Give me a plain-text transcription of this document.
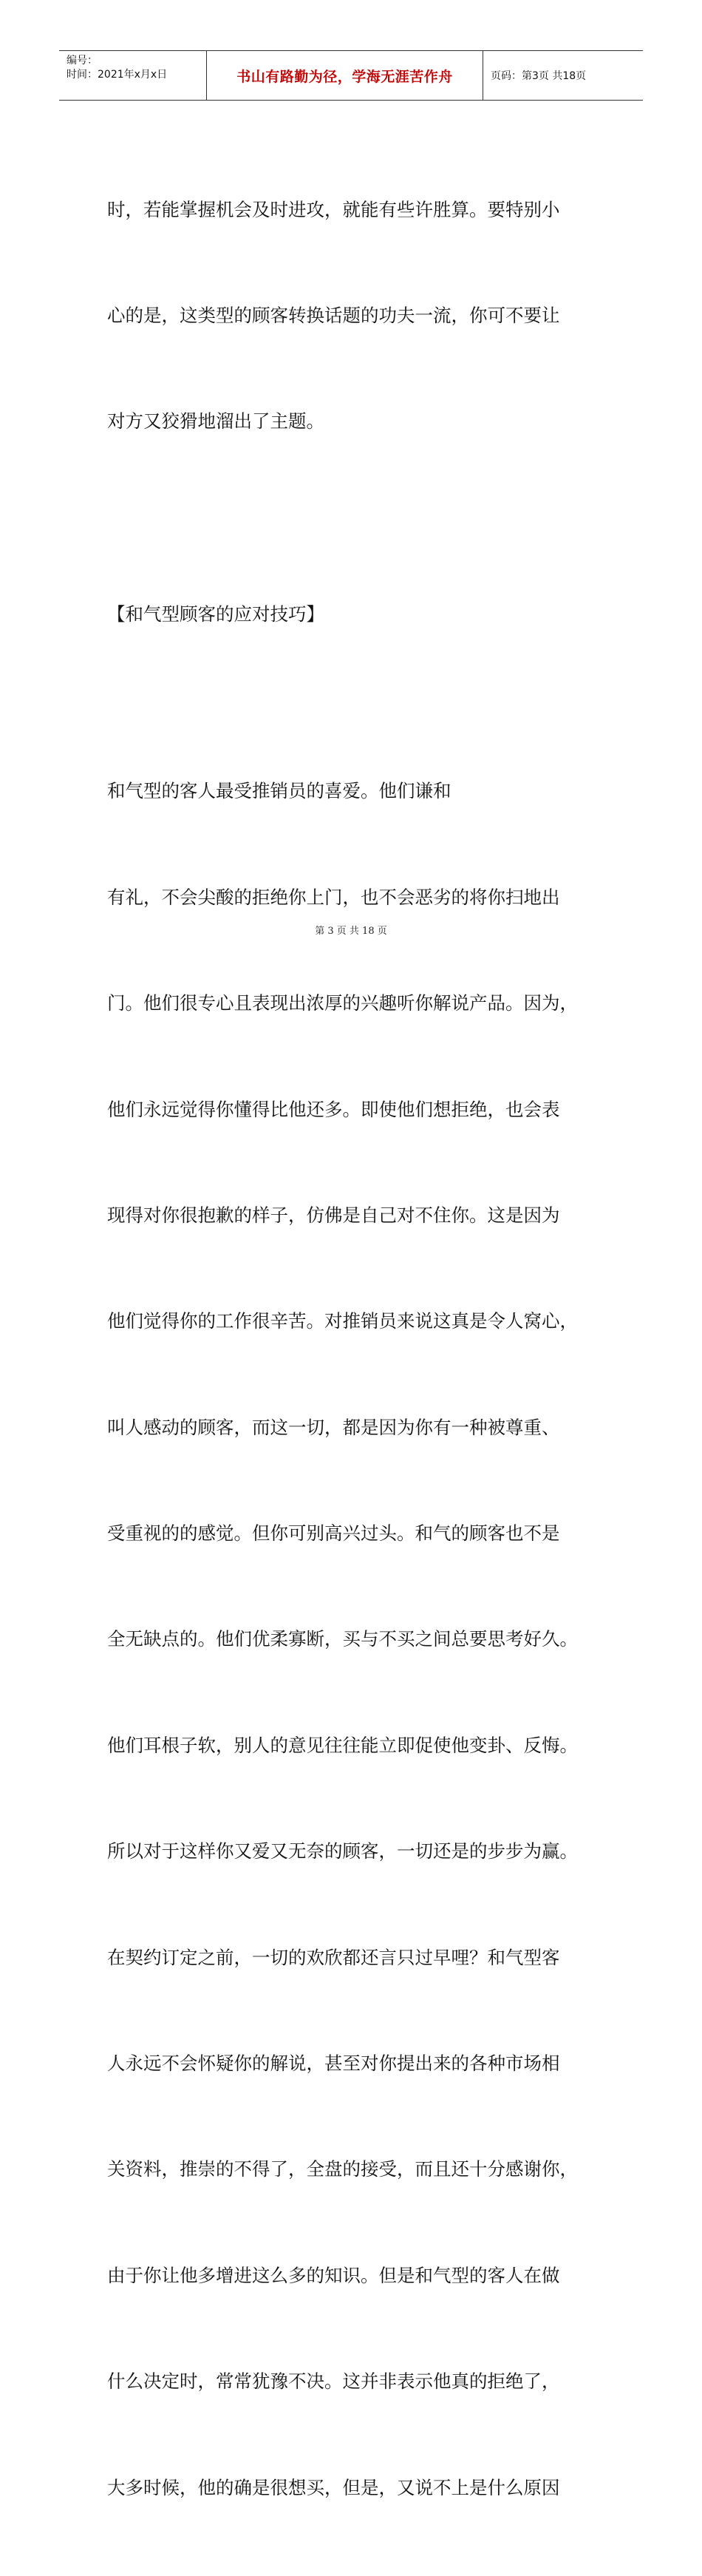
编号：
时间：2021年x月x日	书山有路勤为径，学海无涯苦作舟	页码：第3页 共18页

时，若能掌握机会及时进攻，就能有些许胜算。要特别小

心的是，这类型的顾客转换话题的功夫一流，你可不要让

对方又狡猾地溜出了主题。

【和气型顾客的应对技巧】

和气型的客人最受推销员的喜爱。他们谦和

有礼，不会尖酸的拒绝你上门，也不会恶劣的将你扫地出

门。他们很专心且表现出浓厚的兴趣听你解说产品。因为，

他们永远觉得你懂得比他还多。即使他们想拒绝，也会表

现得对你很抱歉的样子，仿佛是自己对不住你。这是因为

他们觉得你的工作很辛苦。对推销员来说这真是令人窝心，

叫人感动的顾客，而这一切，都是因为你有一种被尊重、

受重视的的感觉。但你可别高兴过头。和气的顾客也不是

全无缺点的。他们优柔寡断，买与不买之间总要思考好久。

他们耳根子软，别人的意见往往能立即促使他变卦、反悔。

所以对于这样你又爱又无奈的顾客，一切还是的步步为赢。

在契约订定之前，一切的欢欣都还言只过早哩？和气型客

人永远不会怀疑你的解说，甚至对你提出来的各种市场相

关资料，推崇的不得了，全盘的接受，而且还十分感谢你，

由于你让他多增进这么多的知识。但是和气型的客人在做

什么决定时，常常犹豫不决。这并非表示他真的拒绝了，

大多时候，他的确是很想买，但是，又说不上是什么原因

第 3 页 共 18 页
